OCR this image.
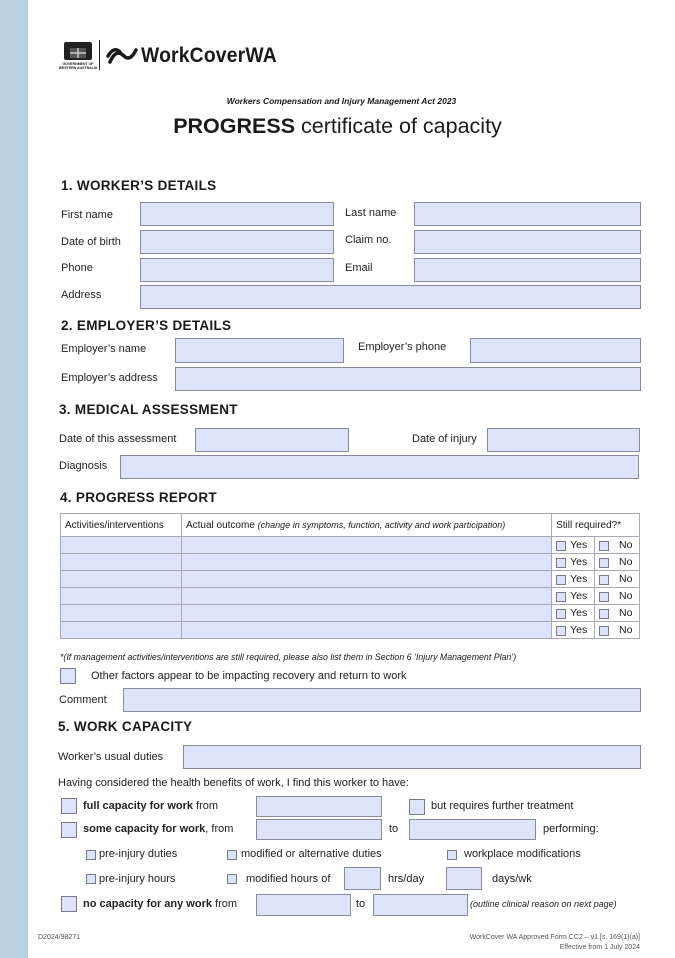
GOVERNMENT OF WESTERN AUSTRALIA
WorkCoverWA
Workers Compensation and Injury Management Act 2023
PROGRESS certificate of capacity
1. WORKER’S DETAILS
First name	Last name
Date of birth	Claim no.
Phone	Email
Address
2. EMPLOYER’S DETAILS
Employer’s name	Employer’s phone
Employer’s address
3. MEDICAL ASSESSMENT
Date of this assessment	Date of injury
Diagnosis
4. PROGRESS REPORT
Activities/interventions	Actual outcome (change in symptoms, function, activity and work participation)	Still required?*	

		Yes	No

		Yes	No

		Yes	No

		Yes	No

		Yes	No

		Yes	No
*(If management activities/interventions are still required, please also list them in Section 6 ‘Injury Management Plan’)
Other factors appear to be impacting recovery and return to work
Comment
5. WORK CAPACITY
Worker’s usual duties
Having considered the health benefits of work, I find this worker to have:
full capacity for work from	but requires further treatment
some capacity for work, from	to	performing:
pre-injury duties	modified or alternative duties	workplace modifications
pre-injury hours	modified hours of	hrs/day	days/wk
no capacity for any work from	to	(outline clinical reason on next page)
D2024/98271	WorkCover WA Approved Form CC2 – v1 [s. 169(1)(a)]
Effective from 1 July 2024
